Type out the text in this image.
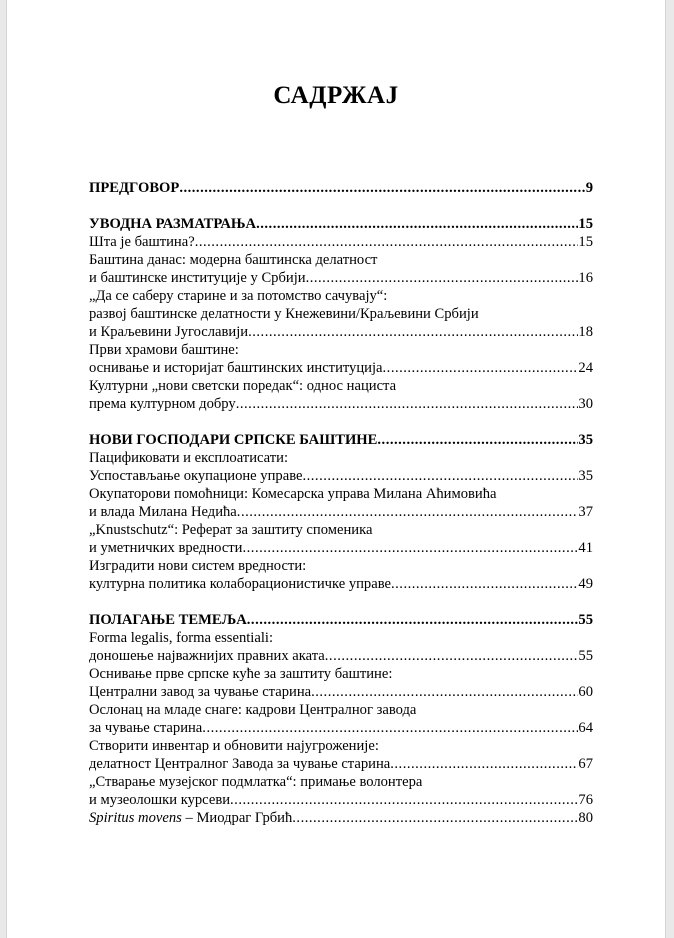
САДРЖАЈ
ПРЕДГОВОР .....	9
УВОДНА РАЗМАТРАЊА .....	15
Шта је баштина? .....	15
Баштина данас: модерна баштинска делатност
и баштинске институције у Србији .....	16
„Да се саберу старине и за потомство сачувају“:
развој баштинске делатности у Кнежевини/Краљевини Србији
и Краљевини Југославији .....	18
Први храмови баштине:
оснивање и историјат баштинских институција .....	24
Културни „нови светски поредак“: однос нациста
према културном добру .....	30
НОВИ ГОСПОДАРИ СРПСКЕ БАШТИНЕ .....	35
Пацификовати и експлоатисати:
Успостављање окупационе управе .....	35
Окупаторови помоћници: Комесарска управа Милана Аћимовића
и влада Милана Недића .....	37
„Knustschutz“: Реферат за заштиту споменика
и уметничких вредности .....	41
Изградити нови систем вредности:
културна политика колаборационистичке управе .....	49
ПОЛАГАЊЕ ТЕМЕЉА .....	55
Forma legalis, forma essentiali:
доношење најважнијих правних аката .....	55
Оснивање прве српске куће за заштиту баштине:
Централни завод за чување старина .....	60
Ослонац на младе снаге: кадрови Централног завода
за чување старина .....	64
Створити инвентар и обновити најугроженије:
делатност Централног Завода за чување старина .....	67
„Стварање музејског подмлатка“: примање волонтера
и музеолошки курсеви .....	76
Spiritus movens – Миодраг Грбић .....	80
